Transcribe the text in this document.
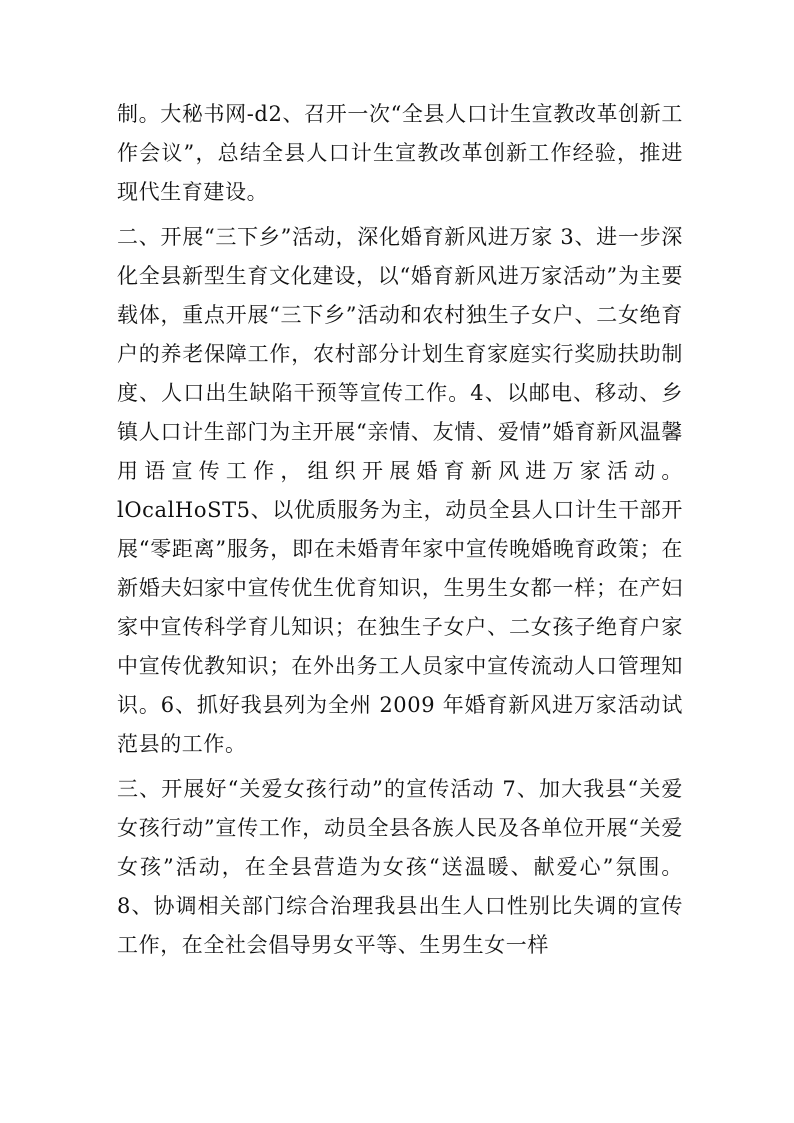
制。大秘书网-d2、召开一次“全县人口计生宣教改革创新工作会议”，总结全县人口计生宣教改革创新工作经验，推进现代生育建设。

二、开展“三下乡”活动，深化婚育新风进万家 3、进一步深化全县新型生育文化建设，以“婚育新风进万家活动”为主要载体，重点开展“三下乡”活动和农村独生子女户、二女绝育户的养老保障工作，农村部分计划生育家庭实行奖励扶助制度、人口出生缺陷干预等宣传工作。4、以邮电、移动、乡镇人口计生部门为主开展“亲情、友情、爱情”婚育新风温馨用语宣传工作，组织开展婚育新风进万家活动。lOcalHoST5、以优质服务为主，动员全县人口计生干部开展“零距离”服务，即在未婚青年家中宣传晚婚晚育政策；在新婚夫妇家中宣传优生优育知识，生男生女都一样；在产妇家中宣传科学育儿知识；在独生子女户、二女孩子绝育户家中宣传优教知识；在外出务工人员家中宣传流动人口管理知识。6、抓好我县列为全州 2009 年婚育新风进万家活动试范县的工作。

三、开展好“关爱女孩行动”的宣传活动 7、加大我县“关爱女孩行动”宣传工作，动员全县各族人民及各单位开展“关爱女孩”活动，在全县营造为女孩“送温暖、献爱心”氛围。8、协调相关部门综合治理我县出生人口性别比失调的宣传工作，在全社会倡导男女平等、生男生女一样
